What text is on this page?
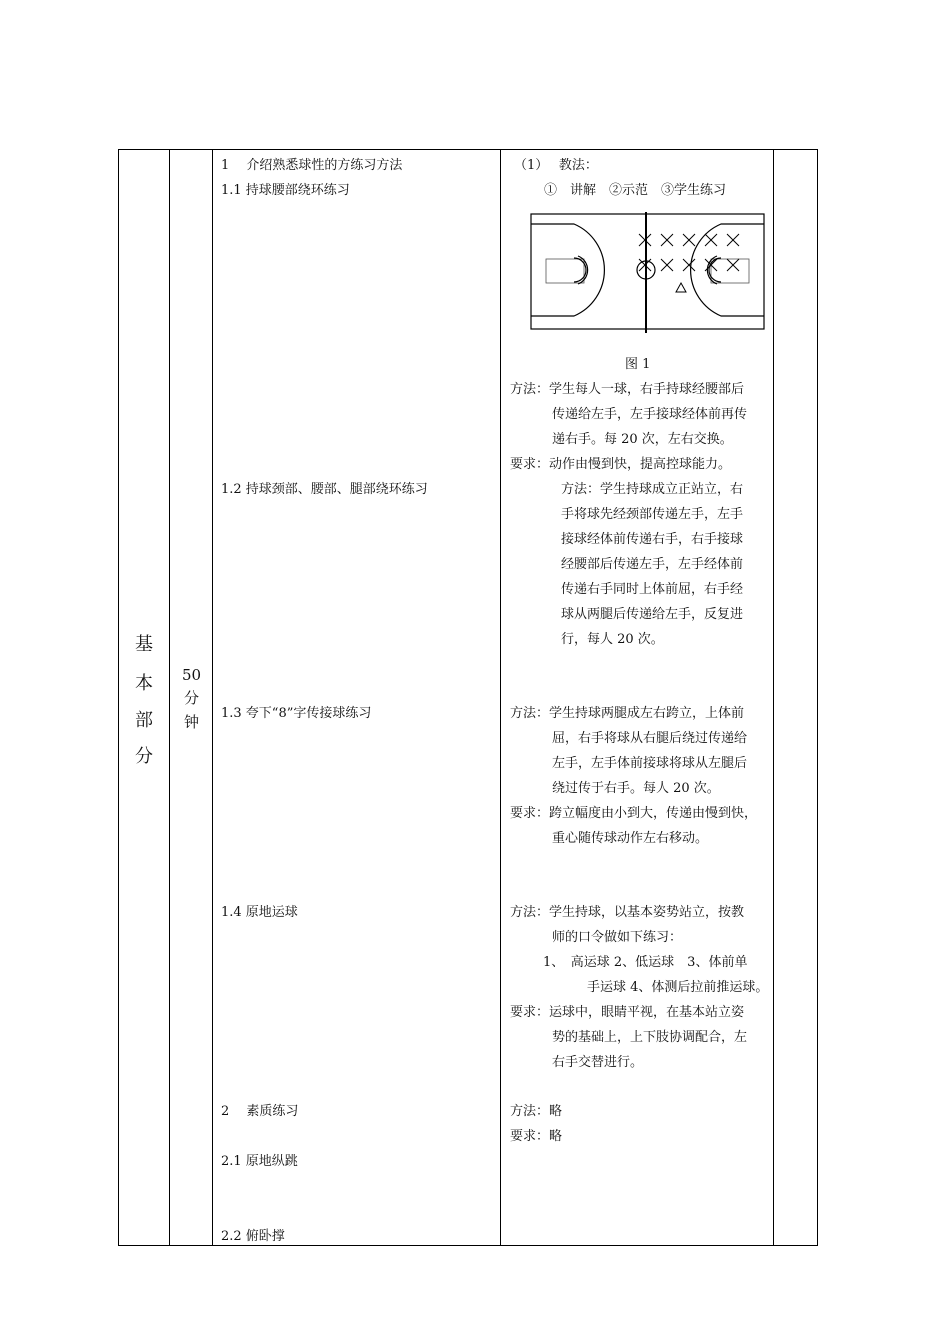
基
本
部
分
50
分
钟
1　 介绍熟悉球性的方练习方法
1.1 持球腰部绕环练习
1.2 持球颈部、腰部、腿部绕环练习
1.3 夸下“8”字传接球练习
1.4 原地运球
2　 素质练习
2.1 原地纵跳
2.2 俯卧撑
（1）　 教法：
①　讲解　②示范　③学生练习
图 1
方法：学生每人一球，右手持球经腰部后
传递给左手，左手接球经体前再传
递右手。每 20 次，左右交换。
要求：动作由慢到快，提高控球能力。
方法：学生持球成立正站立，右
手将球先经颈部传递左手，左手
接球经体前传递右手，右手接球
经腰部后传递左手，左手经体前
传递右手同时上体前屈，右手经
球从两腿后传递给左手，反复进
行，每人 20 次。
方法：学生持球两腿成左右跨立，上体前
屈，右手将球从右腿后绕过传递给
左手，左手体前接球将球从左腿后
绕过传于右手。每人 20 次。
要求：跨立幅度由小到大，传递由慢到快，
重心随传球动作左右移动。
方法：学生持球，以基本姿势站立，按教
师的口令做如下练习：
1、　高运球 2、低运球　3、体前单
手运球 4、体测后拉前推运球。
要求：运球中，眼睛平视，在基本站立姿
势的基础上，上下肢协调配合，左
右手交替进行。
方法：略
要求：略
